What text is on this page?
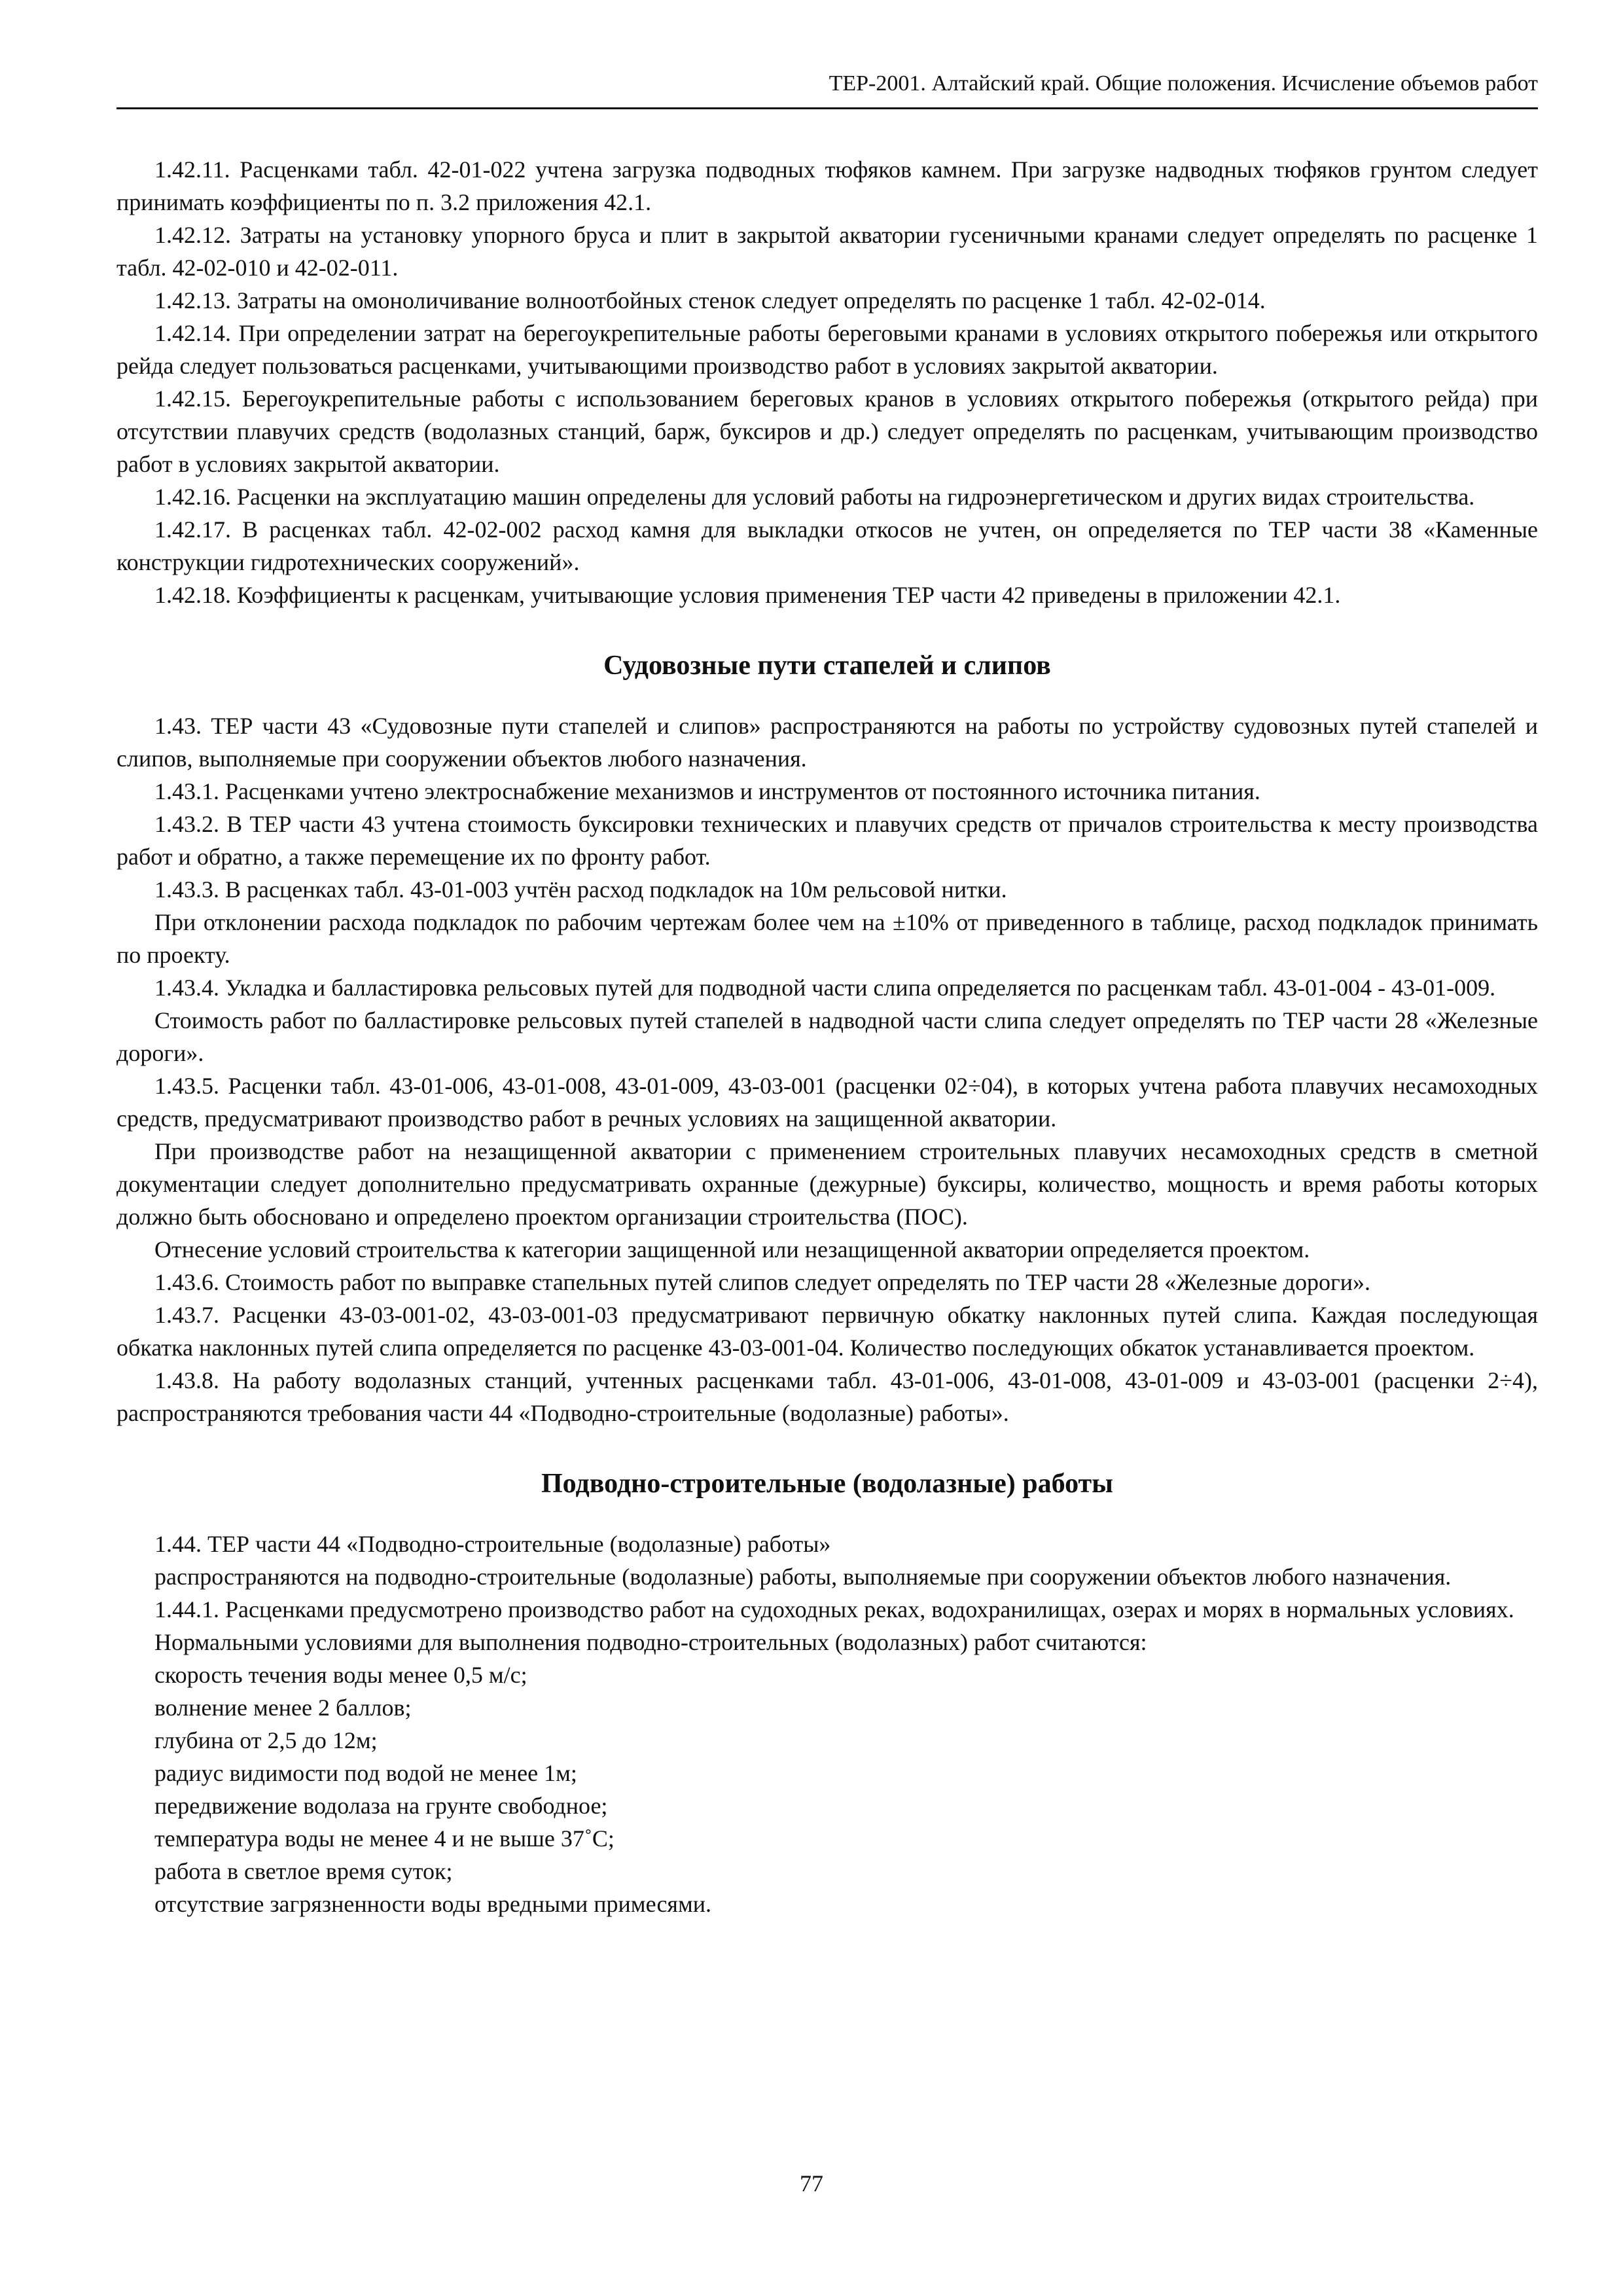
ТЕР-2001. Алтайский край. Общие положения. Исчисление объемов работ

1.42.11. Расценками табл. 42-01-022 учтена загрузка подводных тюфяков камнем. При загрузке надводных тюфяков грунтом следует принимать коэффициенты по п. 3.2 приложения 42.1.

1.42.12. Затраты на установку упорного бруса и плит в закрытой акватории гусеничными кранами следует определять по расценке 1 табл. 42-02-010 и 42-02-011.

1.42.13. Затраты на омоноличивание волноотбойных стенок следует определять по расценке 1 табл. 42-02-014.

1.42.14. При определении затрат на берегоукрепительные работы береговыми кранами в условиях открытого побережья или открытого рейда следует пользоваться расценками, учитывающими производство работ в условиях закрытой акватории.

1.42.15. Берегоукрепительные работы с использованием береговых кранов в условиях открытого побережья (открытого рейда) при отсутствии плавучих средств (водолазных станций, барж, буксиров и др.) следует определять по расценкам, учитывающим производство работ в условиях закрытой акватории.

1.42.16. Расценки на эксплуатацию машин определены для условий работы на гидроэнергетическом и других видах строительства.

1.42.17. В расценках табл. 42-02-002 расход камня для выкладки откосов не учтен, он определяется по ТЕР части 38 «Каменные конструкции гидротехнических сооружений».

1.42.18. Коэффициенты к расценкам, учитывающие условия применения ТЕР части 42 приведены в приложении 42.1.

Судовозные пути стапелей и слипов

1.43. ТЕР части 43 «Судовозные пути стапелей и слипов» распространяются на работы по устройству судовозных путей стапелей и слипов, выполняемые при сооружении объектов любого назначения.

1.43.1. Расценками учтено электроснабжение механизмов и инструментов от постоянного источника питания.

1.43.2. В ТЕР части 43 учтена стоимость буксировки технических и плавучих средств от причалов строительства к месту производства работ и обратно, а также перемещение их по фронту работ.

1.43.3. В расценках табл. 43-01-003 учтён расход подкладок на 10м рельсовой нитки.

При отклонении расхода подкладок по рабочим чертежам более чем на ±10% от приведенного в таблице, расход подкладок принимать по проекту.

1.43.4. Укладка и балластировка рельсовых путей для подводной части слипа определяется по расценкам табл. 43-01-004 - 43-01-009.

Стоимость работ по балластировке рельсовых путей стапелей в надводной части слипа следует определять по ТЕР части 28 «Железные дороги».

1.43.5. Расценки табл. 43-01-006, 43-01-008, 43-01-009, 43-03-001 (расценки 02÷04), в которых учтена работа плавучих несамоходных средств, предусматривают производство работ в речных условиях на защищенной акватории.

При производстве работ на незащищенной акватории с применением строительных плавучих несамоходных средств в сметной документации следует дополнительно предусматривать охранные (дежурные) буксиры, количество, мощность и время работы которых должно быть обосновано и определено проектом организации строительства (ПОС).

Отнесение условий строительства к категории защищенной или незащищенной акватории определяется проектом.

1.43.6. Стоимость работ по выправке стапельных путей слипов следует определять по ТЕР части 28 «Железные дороги».

1.43.7. Расценки 43-03-001-02, 43-03-001-03 предусматривают первичную обкатку наклонных путей слипа. Каждая последующая обкатка наклонных путей слипа определяется по расценке 43-03-001-04. Количество последующих обкаток устанавливается проектом.

1.43.8. На работу водолазных станций, учтенных расценками табл. 43-01-006, 43-01-008, 43-01-009 и 43-03-001 (расценки 2÷4), распространяются требования части 44 «Подводно-строительные (водолазные) работы».

Подводно-строительные (водолазные) работы

1.44. ТЕР части 44 «Подводно-строительные (водолазные) работы»

распространяются на подводно-строительные (водолазные) работы, выполняемые при сооружении объектов любого назначения.

1.44.1. Расценками предусмотрено производство работ на судоходных реках, водохранилищах, озерах и морях в нормальных условиях.

Нормальными условиями для выполнения подводно-строительных (водолазных) работ считаются:

скорость течения воды менее 0,5 м/с;

волнение менее 2 баллов;

глубина от 2,5 до 12м;

радиус видимости под водой не менее 1м;

передвижение водолаза на грунте свободное;

температура воды не менее 4 и не выше 37˚С;

работа в светлое время суток;

отсутствие загрязненности воды вредными примесями.

77
